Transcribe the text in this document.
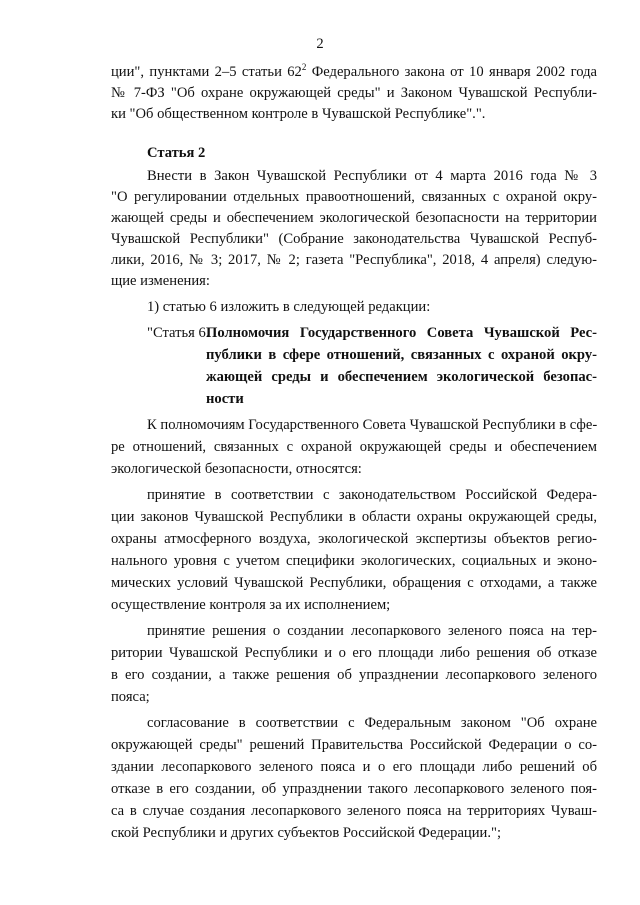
2
ции", пунктами 2–5 статьи $62^2$ Федерального закона от 10 января 2002 года
№ 7-ФЗ "Об охране окружающей среды" и Законом Чувашской Республи-
ки "Об общественном контроле в Чувашской Республике".".
Статья 2
Внести в Закон Чувашской Республики от 4 марта 2016 года № 3
"О регулировании отдельных правоотношений, связанных с охраной окру-
жающей среды и обеспечением экологической безопасности на территории
Чувашской Республики" (Собрание законодательства Чувашской Респуб-
лики, 2016, № 3; 2017, № 2; газета "Республика", 2018, 4 апреля) следую-
щие изменения:
1) статью 6 изложить в следующей редакции:
"Статья 6.
Полномочия Государственного Совета Чувашской Рес-
публики в сфере отношений, связанных с охраной окру-
жающей среды и обеспечением экологической безопас-
ности
К полномочиям Государственного Совета Чувашской Республики в сфе-
ре отношений, связанных с охраной окружающей среды и обеспечением
экологической безопасности, относятся:
принятие в соответствии с законодательством Российской Федера-
ции законов Чувашской Республики в области охраны окружающей среды,
охраны атмосферного воздуха, экологической экспертизы объектов регио-
нального уровня с учетом специфики экологических, социальных и эконо-
мических условий Чувашской Республики, обращения с отходами, а также
осуществление контроля за их исполнением;
принятие решения о создании лесопаркового зеленого пояса на тер-
ритории Чувашской Республики и о его площади либо решения об отказе
в его создании, а также решения об упразднении лесопаркового зеленого
пояса;
согласование в соответствии с Федеральным законом "Об охране
окружающей среды" решений Правительства Российской Федерации о со-
здании лесопаркового зеленого пояса и о его площади либо решений об
отказе в его создании, об упразднении такого лесопаркового зеленого поя-
са в случае создания лесопаркового зеленого пояса на территориях Чуваш-
ской Республики и других субъектов Российской Федерации.";
